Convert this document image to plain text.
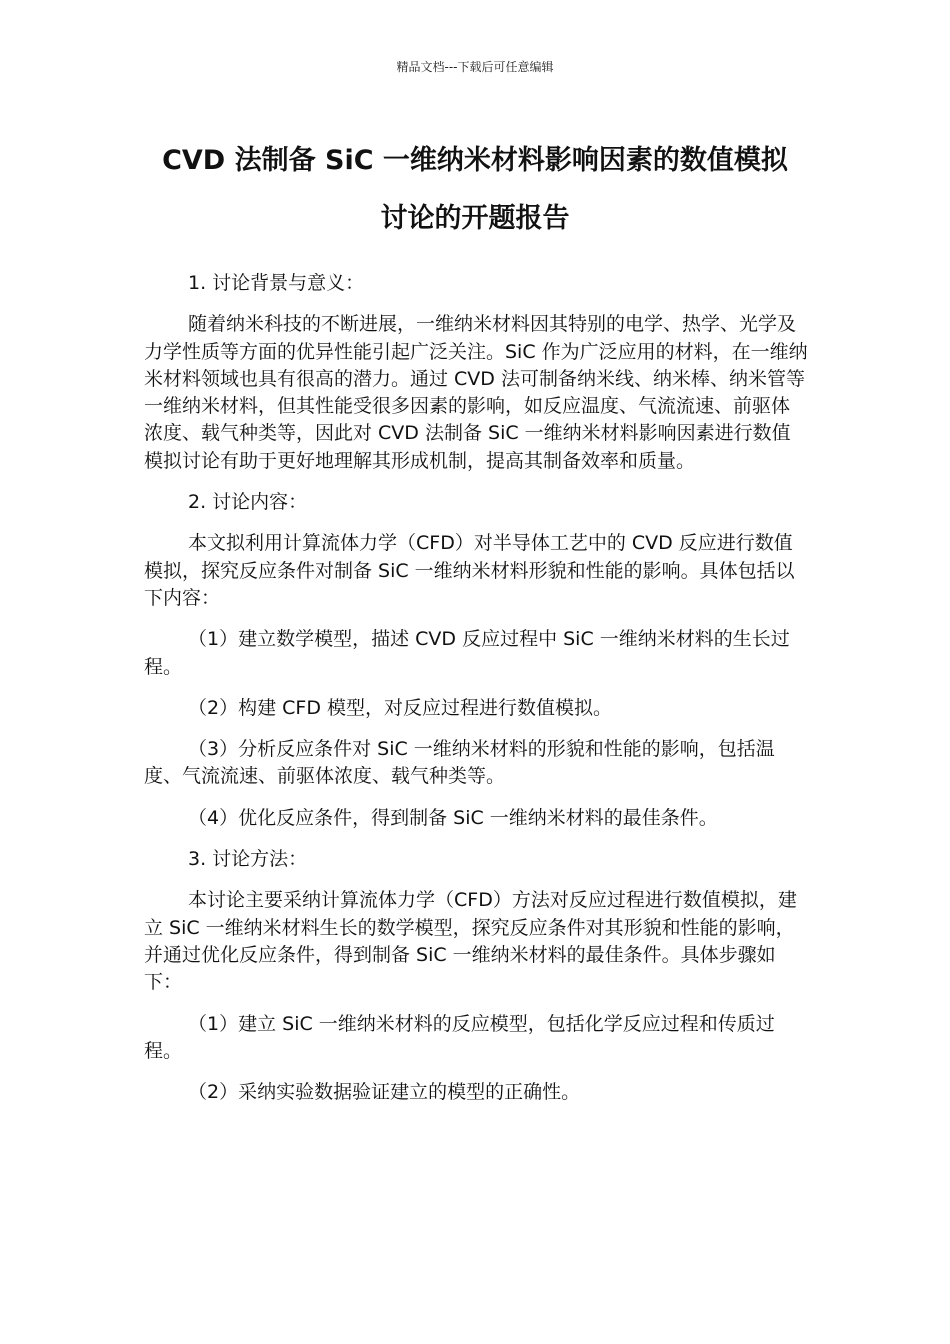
精品文档---下载后可任意编辑
CVD 法制备 SiC 一维纳米材料影响因素的数值模拟
讨论的开题报告

1. 讨论背景与意义：

随着纳米科技的不断进展，一维纳米材料因其特别的电学、热学、光学及力学性质等方面的优异性能引起广泛关注。SiC 作为广泛应用的材料，在一维纳米材料领域也具有很高的潜力。通过 CVD 法可制备纳米线、纳米棒、纳米管等一维纳米材料，但其性能受很多因素的影响，如反应温度、气流流速、前驱体浓度、载气种类等，因此对 CVD 法制备 SiC 一维纳米材料影响因素进行数值模拟讨论有助于更好地理解其形成机制，提高其制备效率和质量。

2. 讨论内容：

本文拟利用计算流体力学（CFD）对半导体工艺中的 CVD 反应进行数值模拟，探究反应条件对制备 SiC 一维纳米材料形貌和性能的影响。具体包括以下内容：

（1）建立数学模型，描述 CVD 反应过程中 SiC 一维纳米材料的生长过程。

（2）构建 CFD 模型，对反应过程进行数值模拟。

（3）分析反应条件对 SiC 一维纳米材料的形貌和性能的影响，包括温度、气流流速、前驱体浓度、载气种类等。

（4）优化反应条件，得到制备 SiC 一维纳米材料的最佳条件。

3. 讨论方法：

本讨论主要采纳计算流体力学（CFD）方法对反应过程进行数值模拟，建立 SiC 一维纳米材料生长的数学模型，探究反应条件对其形貌和性能的影响，并通过优化反应条件，得到制备 SiC 一维纳米材料的最佳条件。具体步骤如下：

（1）建立 SiC 一维纳米材料的反应模型，包括化学反应过程和传质过程。

（2）采纳实验数据验证建立的模型的正确性。
